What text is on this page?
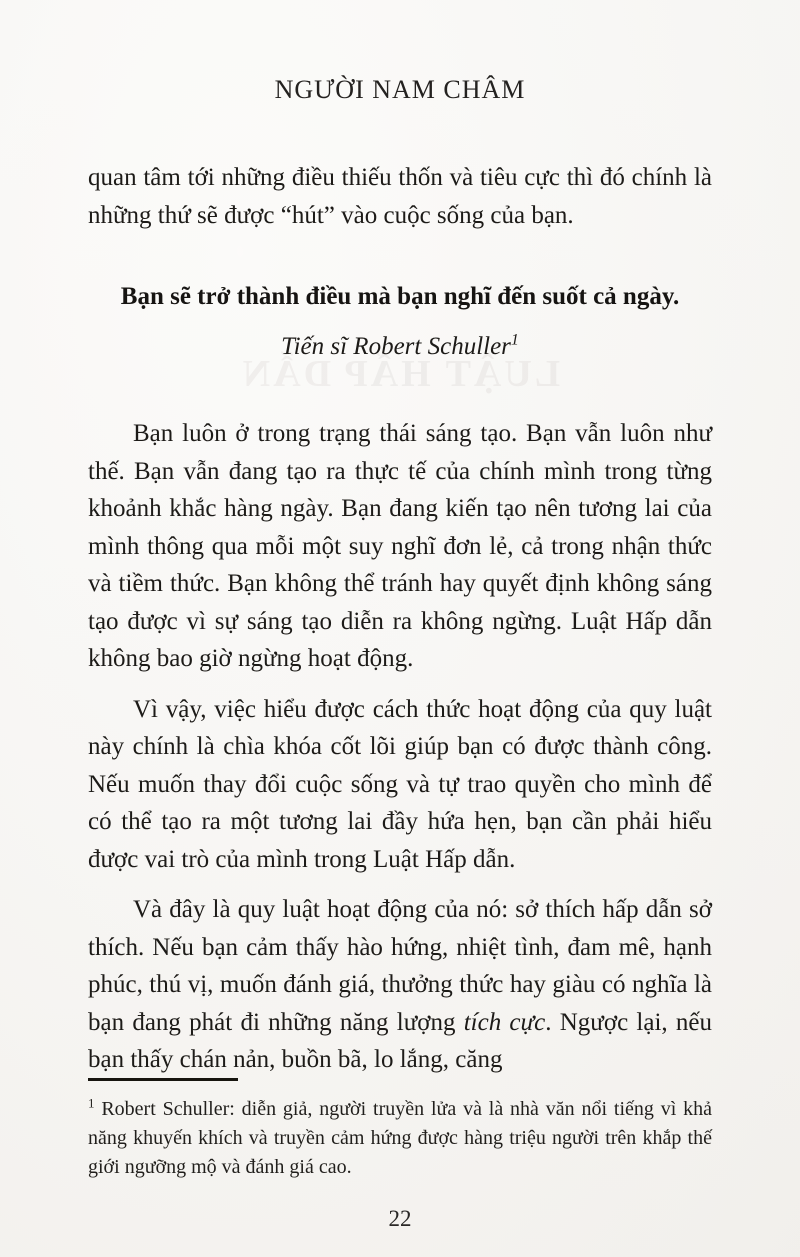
LUẬT HẤP DẪN
NGƯỜI NAM CHÂM

quan tâm tới những điều thiếu thốn và tiêu cực thì đó chính là những thứ sẽ được “hút” vào cuộc sống của bạn.

Bạn sẽ trở thành điều mà bạn nghĩ đến suốt cả ngày.

Tiến sĩ Robert Schuller$^1$

Bạn luôn ở trong trạng thái sáng tạo. Bạn vẫn luôn như thế. Bạn vẫn đang tạo ra thực tế của chính mình trong từng khoảnh khắc hàng ngày. Bạn đang kiến tạo nên tương lai của mình thông qua mỗi một suy nghĩ đơn lẻ, cả trong nhận thức và tiềm thức. Bạn không thể tránh hay quyết định không sáng tạo được vì sự sáng tạo diễn ra không ngừng. Luật Hấp dẫn không bao giờ ngừng hoạt động.

Vì vậy, việc hiểu được cách thức hoạt động của quy luật này chính là chìa khóa cốt lõi giúp bạn có được thành công. Nếu muốn thay đổi cuộc sống và tự trao quyền cho mình để có thể tạo ra một tương lai đầy hứa hẹn, bạn cần phải hiểu được vai trò của mình trong Luật Hấp dẫn.

Và đây là quy luật hoạt động của nó: sở thích hấp dẫn sở thích. Nếu bạn cảm thấy hào hứng, nhiệt tình, đam mê, hạnh phúc, thú vị, muốn đánh giá, thưởng thức hay giàu có nghĩa là bạn đang phát đi những năng lượng tích cực. Ngược lại, nếu bạn thấy chán nản, buồn bã, lo lắng, căng

$^1$ Robert Schuller: diễn giả, người truyền lửa và là nhà văn nổi tiếng vì khả năng khuyến khích và truyền cảm hứng được hàng triệu người trên khắp thế giới ngưỡng mộ và đánh giá cao.

22
